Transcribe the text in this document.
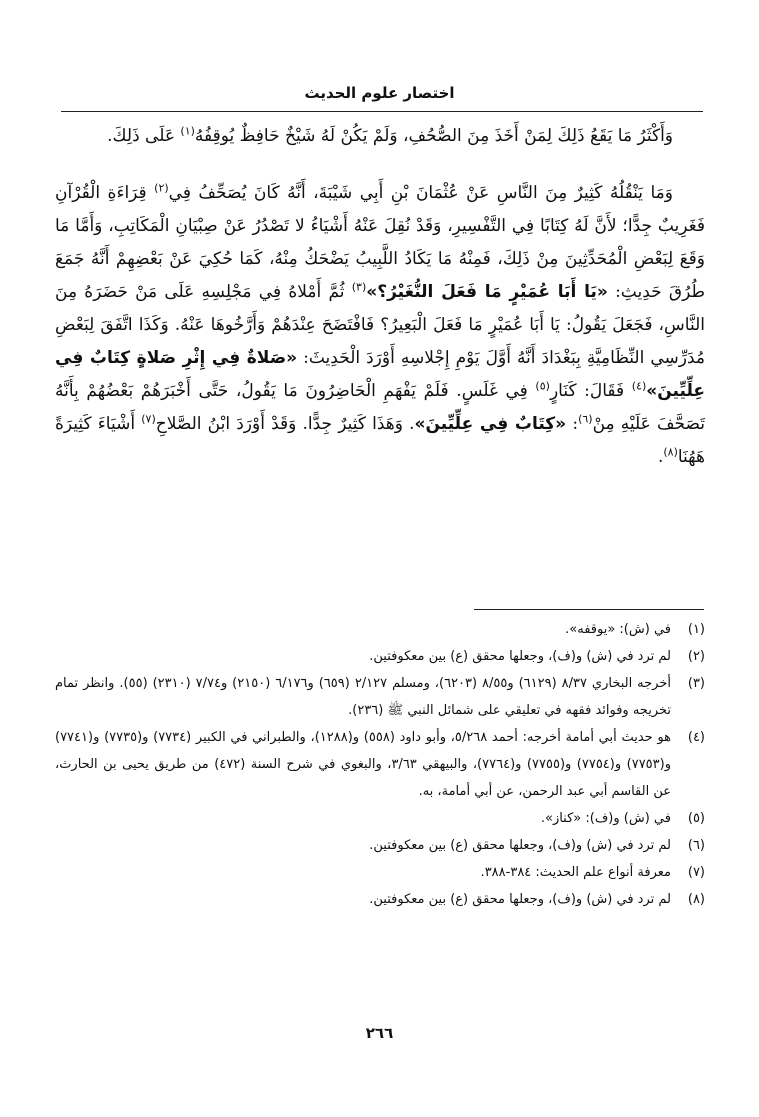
اختصار علوم الحديث

وَأَكْثَرُ مَا يَقَعُ ذَلِكَ لِمَنْ أَخَذَ مِنَ الصُّحُفِ، وَلَمْ يَكُنْ لَهُ شَيْخٌ حَافِظٌ يُوقِفُهُ$^{(١)}$ عَلَى ذَلِكَ.

وَمَا يَنْقُلُهُ كَثِيرٌ مِنَ النَّاسِ عَنْ عُثْمَانَ بْنِ أَبِي شَيْبَةَ، أَنَّهُ كَانَ يُصَحِّفُ فِي$^{(٢)}$ قِرَاءَةِ الْقُرْآنِ فَغَرِيبٌ جِدًّا؛ لأَنَّ لَهُ كِتَابًا فِي التَّفْسِيرِ، وَقَدْ نُقِلَ عَنْهُ أَشْيَاءُ لا تَصْدُرُ عَنْ صِبْيَانِ الْمَكَاتِبِ، وَأَمَّا مَا وَقَعَ لِبَعْضِ الْمُحَدِّثِينَ مِنْ ذَلِكَ، فَمِنْهُ مَا يَكَادُ اللَّبِيبُ يَضْحَكُ مِنْهُ، كَمَا حُكِيَ عَنْ بَعْضِهِمْ أَنَّهُ جَمَعَ طُرُقَ حَدِيثِ: «يَا أَبَا عُمَيْرٍ مَا فَعَلَ النُّغَيْرُ؟»$^{(٣)}$ ثُمَّ أَمْلاهُ فِي مَجْلِسِهِ عَلَى مَنْ حَضَرَهُ مِنَ النَّاسِ، فَجَعَلَ يَقُولُ: يَا أَبَا عُمَيْرٍ مَا فَعَلَ الْبَعِيرُ؟ فَافْتَضَحَ عِنْدَهُمْ وَأَرَّخُوهَا عَنْهُ. وَكَذَا اتَّفَقَ لِبَعْضِ مُدَرِّسِي النِّظَامِيَّةِ بِبَغْدَادَ أَنَّهُ أَوَّلَ يَوْمِ إِجْلاسِهِ أَوْرَدَ الْحَدِيثَ: «صَلاةٌ فِي إِثْرِ صَلاةٍ كِتَابٌ فِي عِلِّيِّينَ»$^{(٤)}$ فَقَالَ: كَنَارٍ$^{(٥)}$ فِي غَلَسٍ. فَلَمْ يَفْهَمِ الْحَاضِرُونَ مَا يَقُولُ، حَتَّى أَخْبَرَهُمْ بَعْضُهُمْ بِأَنَّهُ تَصَحَّفَ عَلَيْهِ مِنْ$^{(٦)}$: «كِتَابٌ فِي عِلِّيِّينَ». وَهَذَا كَثِيرٌ جِدًّا. وَقَدْ أَوْرَدَ ابْنُ الصَّلاحِ$^{(٧)}$ أَشْيَاءَ كَثِيرَةً هَهُنَا$^{(٨)}$.

(١)
في (ش): «يوقفه».
(٢)
لم ترد في (ش) و(ف)، وجعلها محقق (ع) بين معكوفتين.
(٣)
أخرجه البخاري ٨/٣٧ (٦١٢٩) و٨/٥٥ (٦٢٠٣)، ومسلم ٢/١٢٧ (٦٥٩) و٦/١٧٦ (٢١٥٠) و٧/٧٤ (٢٣١٠) (٥٥). وانظر تمام تخريجه وفوائد فقهه في تعليقي على شمائل النبي ﷺ (٢٣٦).
(٤)
هو حديث أبي أمامة أخرجه: أحمد ٥/٢٦٨، وأبو داود (٥٥٨) و(١٢٨٨)، والطبراني في الكبير (٧٧٣٤) و(٧٧٣٥) و(٧٧٤١) و(٧٧٥٣) و(٧٧٥٤) و(٧٧٥٥) و(٧٧٦٤)، والبيهقي ٣/٦٣، والبغوي في شرح السنة (٤٧٢) من طريق يحيى بن الحارث، عن القاسم أبي عبد الرحمن، عن أبي أمامة، به.
(٥)
في (ش) و(ف): «كناز».
(٦)
لم ترد في (ش) و(ف)، وجعلها محقق (ع) بين معكوفتين.
(٧)
معرفة أنواع علم الحديث: ٣٨٤-٣٨٨.
(٨)
لم ترد في (ش) و(ف)، وجعلها محقق (ع) بين معكوفتين.
٢٦٦
